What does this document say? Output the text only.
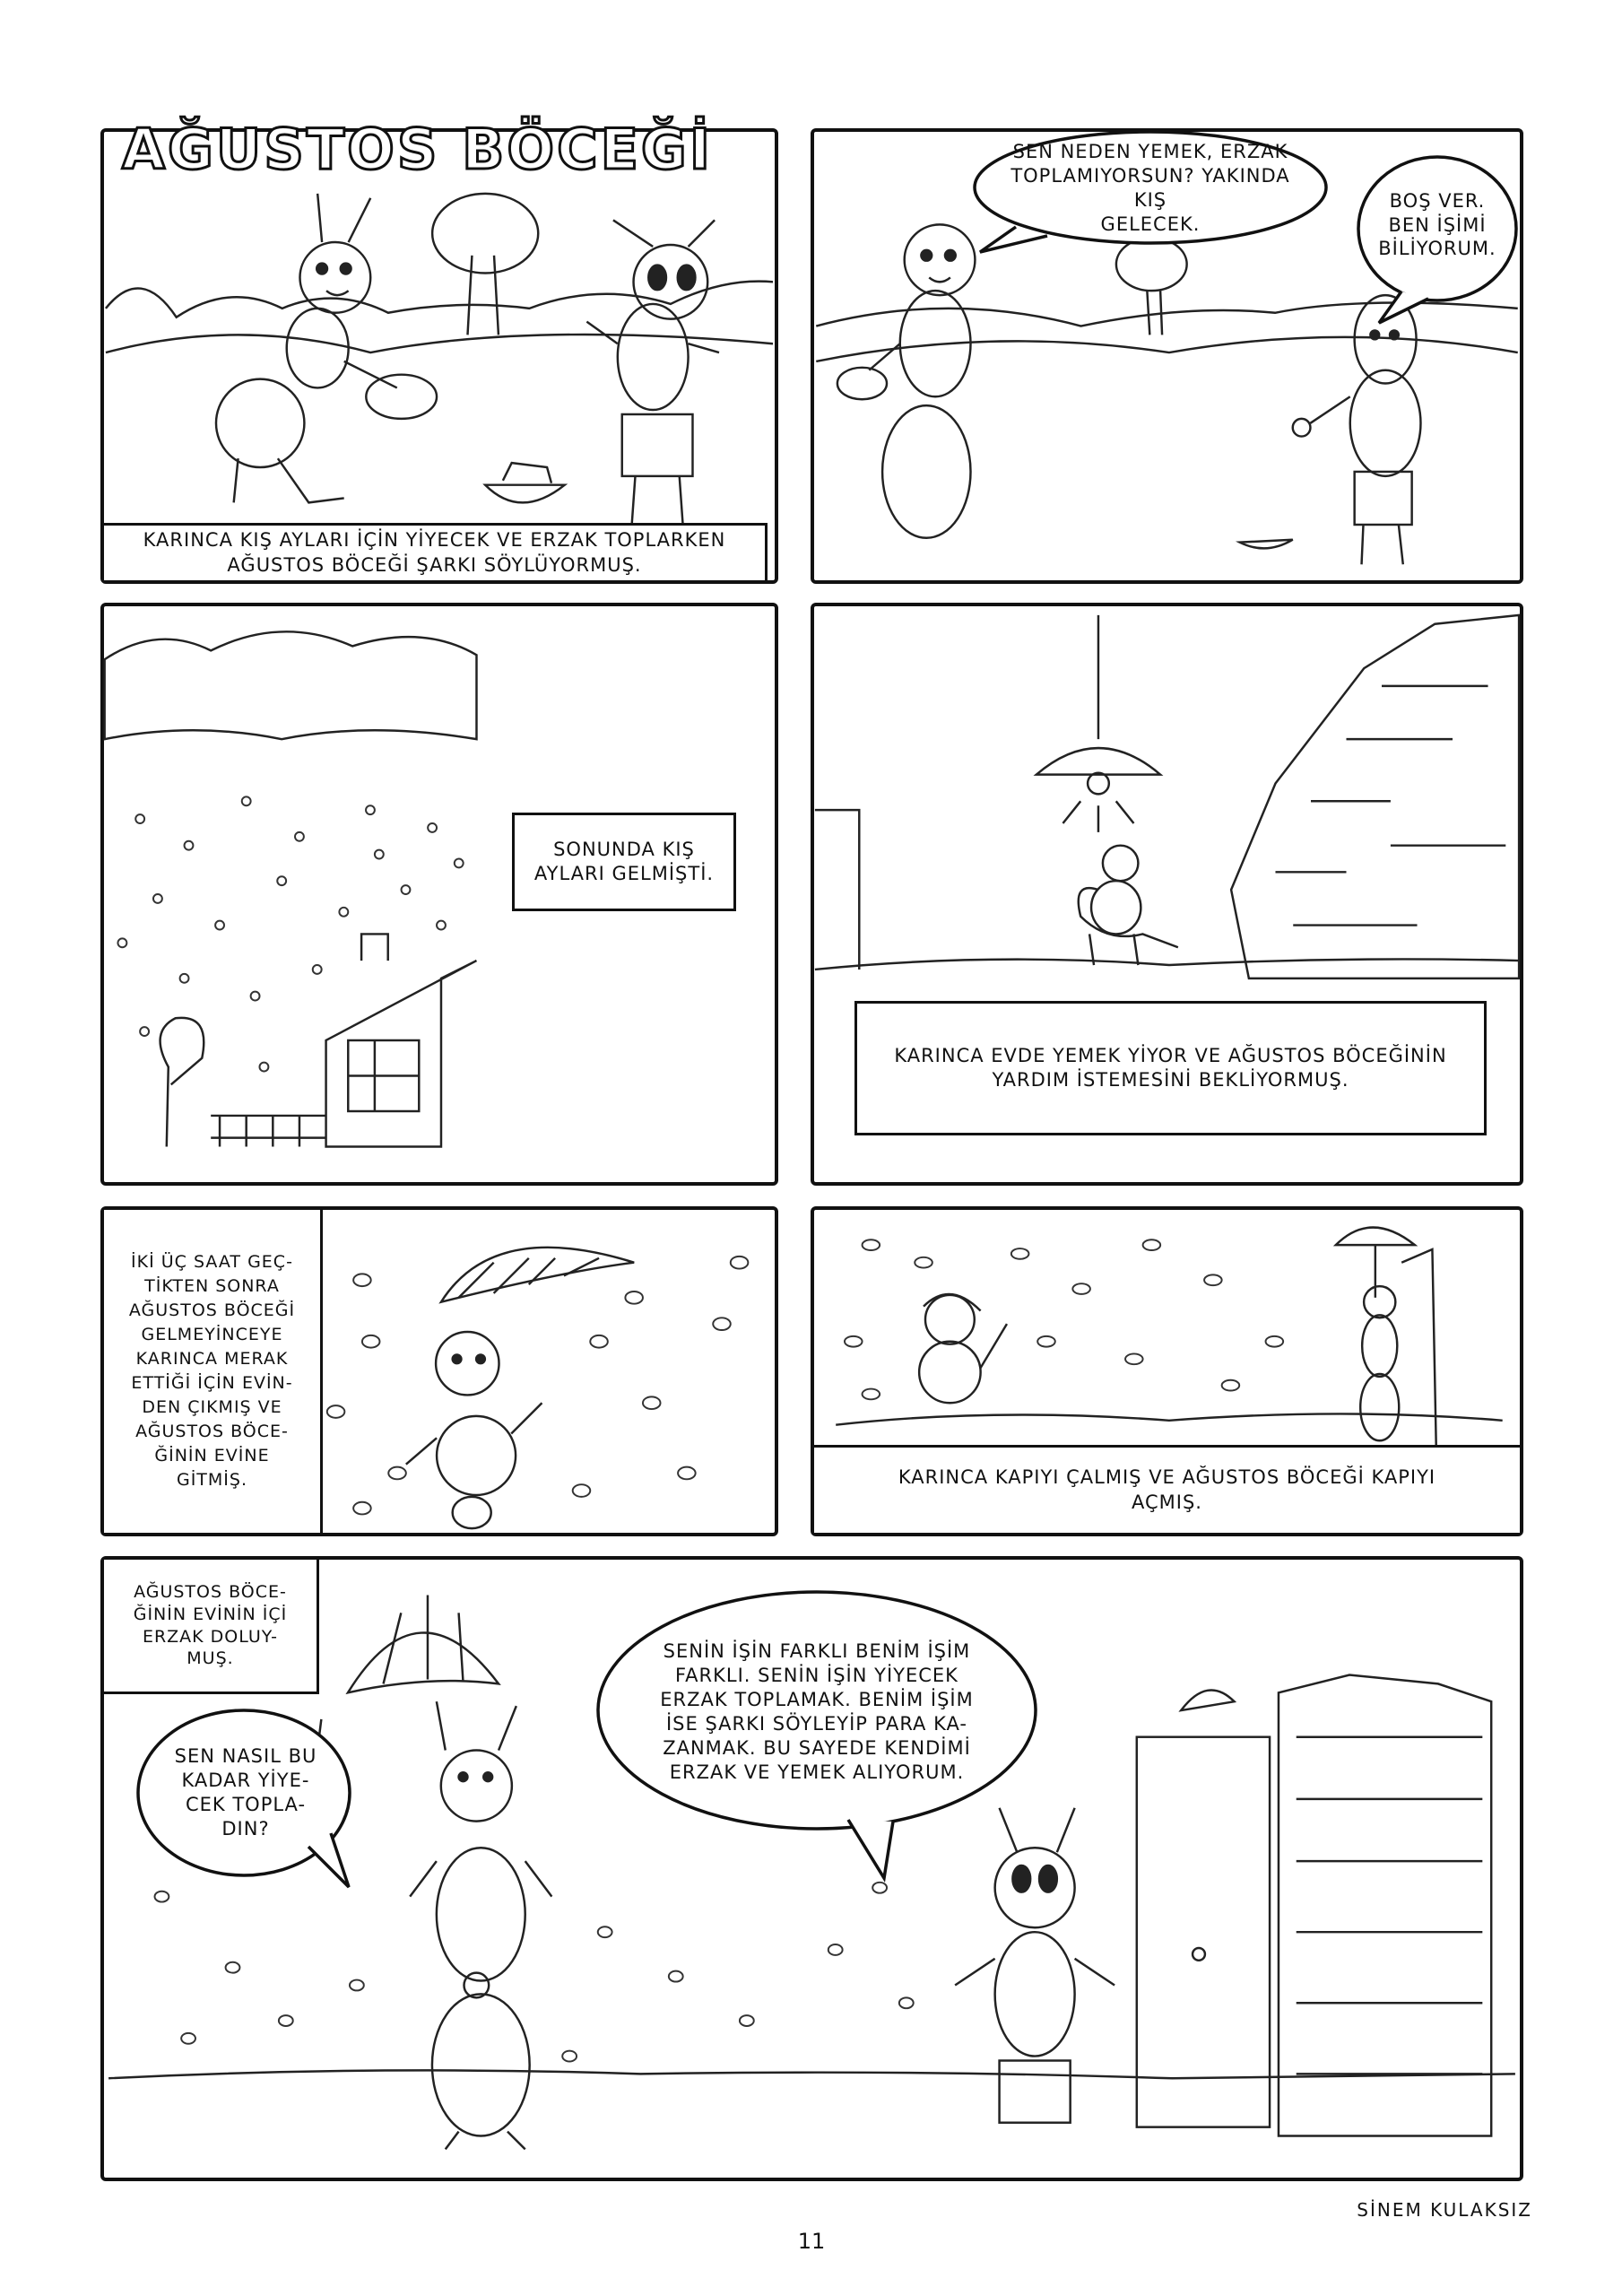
AĞUSTOS BÖCEĞİ
KARINCA KIŞ AYLARI İÇİN YİYECEK VE ERZAK TOPLARKEN
AĞUSTOS BÖCEĞİ ŞARKI SÖYLÜYORMUŞ.
SEN NEDEN YEMEK, ERZAK
TOPLAMIYORSUN? YAKINDA KIŞ
GELECEK.
BOŞ VER.
BEN İŞİMİ
BİLİYORUM.
SONUNDA KIŞ
AYLARI GELMİŞTİ.
KARINCA EVDE YEMEK YİYOR VE AĞUSTOS BÖCEĞİNİN
YARDIM İSTEMESİNİ BEKLİYORMUŞ.
İKİ ÜÇ SAAT GEÇ-
TİKTEN SONRA
AĞUSTOS BÖCEĞİ
GELMEYİNCEYE
KARINCA MERAK
ETTİĞİ İÇİN EVİN-
DEN ÇIKMIŞ VE
AĞUSTOS BÖCE-
ĞİNİN EVİNE
GİTMİŞ.	KARINCA KAPIYI ÇALMIŞ VE AĞUSTOS BÖCEĞİ KAPIYI
AÇMIŞ.
AĞUSTOS BÖCE-
ĞİNİN EVİNİN İÇİ
ERZAK DOLUY-
MUŞ.
SEN NASIL BU
KADAR YİYE-
CEK TOPLA-
DIN?
SENİN İŞİN FARKLI BENİM İŞİM
FARKLI. SENİN İŞİN YİYECEK
ERZAK TOPLAMAK. BENİM İŞİM
İSE ŞARKI SÖYLEYİP PARA KA-
ZANMAK. BU SAYEDE KENDİMİ
ERZAK VE YEMEK ALIYORUM.
SİNEM KULAKSIZ
11
